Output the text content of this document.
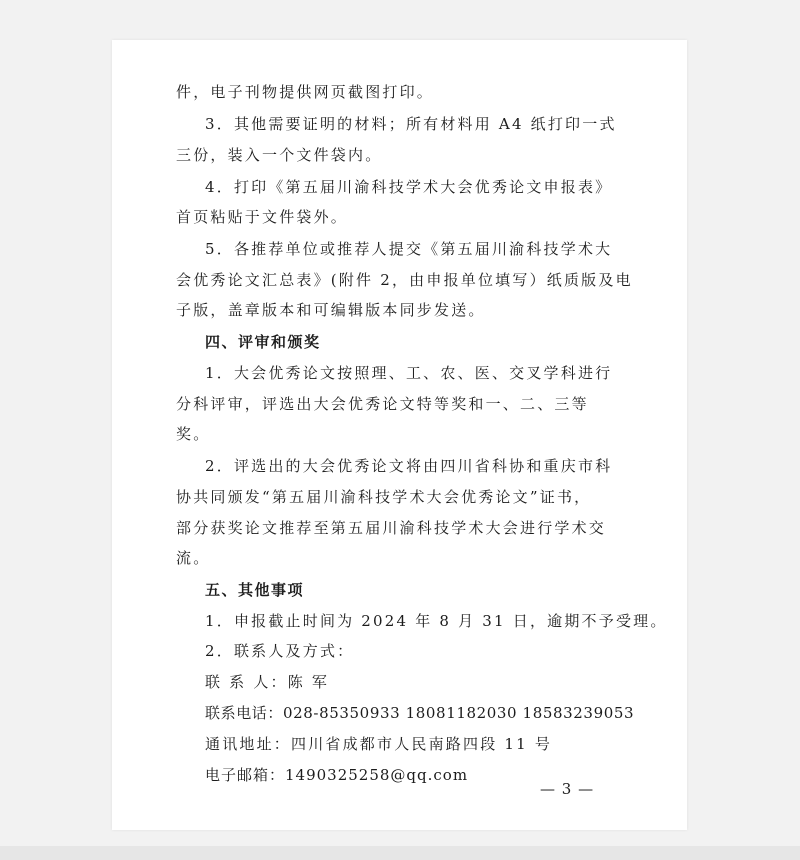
件，电子刊物提供网页截图打印。
3．其他需要证明的材料；所有材料用 A4 纸打印一式
三份，装入一个文件袋内。
4．打印《第五届川渝科技学术大会优秀论文申报表》
首页粘贴于文件袋外。
5．各推荐单位或推荐人提交《第五届川渝科技学术大
会优秀论文汇总表》(附件 2，由申报单位填写）纸质版及电
子版，盖章版本和可编辑版本同步发送。
四、评审和颁奖
1．大会优秀论文按照理、工、农、医、交叉学科进行
分科评审，评选出大会优秀论文特等奖和一、二、三等
奖。
2．评选出的大会优秀论文将由四川省科协和重庆市科
协共同颁发“第五届川渝科技学术大会优秀论文”证书，
部分获奖论文推荐至第五届川渝科技学术大会进行学术交
流。
五、其他事项
1．申报截止时间为 2024 年 8 月 31 日，逾期不予受理。
2．联系人及方式：
联 系 人：陈 军
联系电话：028-85350933 18081182030 18583239053
通讯地址：四川省成都市人民南路四段 11 号
电子邮箱：1490325258@qq.com
— 3 —
